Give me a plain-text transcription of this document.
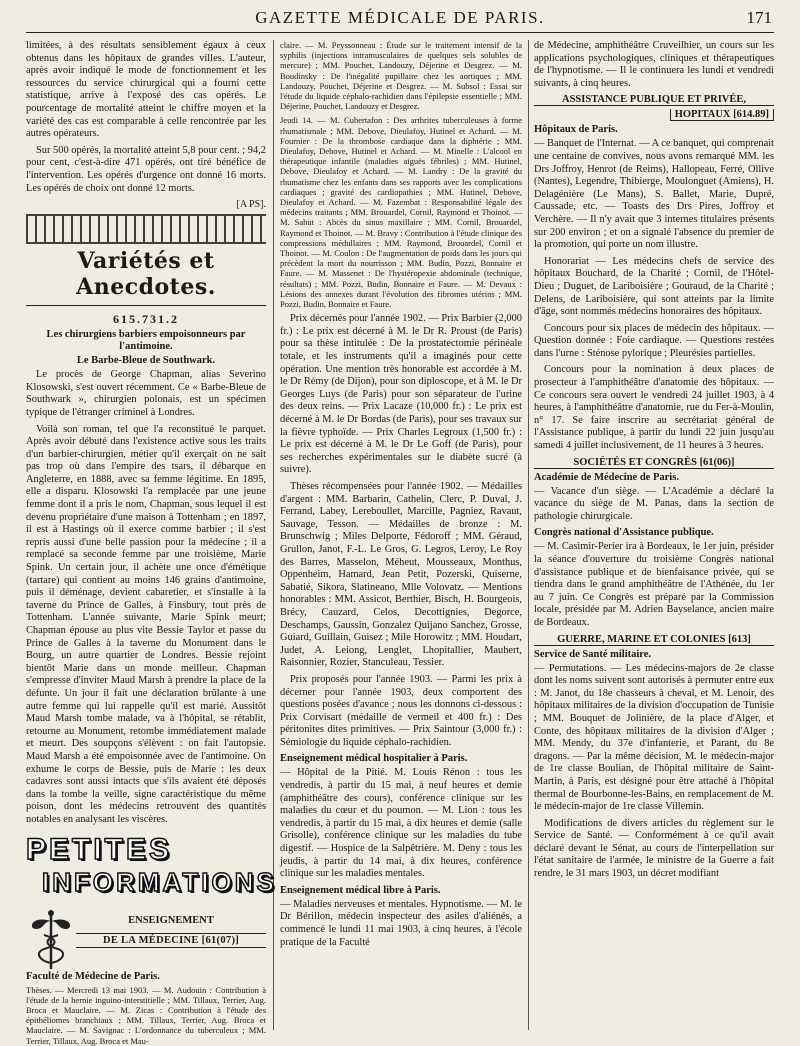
GAZETTE MÉDICALE DE PARIS.	171

limitées, à des résultats sensiblement égaux à ceux obtenus dans les hôpitaux de grandes villes. L'auteur, après avoir indiqué le mode de fonctionnement et les ressources du service chirurgical qui a fourni cette statistique, arrive à l'exposé des cas opérés. Le pourcentage de mortalité atteint le chiffre moyen et la variété des cas est comparable à celle rencontrée par les autres opérateurs.

Sur 500 opérés, la mortalité atteint 5,8 pour cent. ; 94,2 pour cent, c'est-à-dire 471 opérés, ont tiré bénéfice de l'intervention. Les opérés d'urgence ont donné 16 morts. Les opérés de choix ont donné 12 morts.

[A PS].
Variétés et Anecdotes.
615.731.2
Les chirurgiens barbiers empoisonneurs par l'antimoine.
Le Barbe-Bleue de Southwark.

Le procès de George Chapman, alias Severino Klosowski, s'est ouvert récemment. Ce « Barbe-Bleue de Southwark », chirurgien polonais, est un spécimen typique de l'étranger criminel à Londres.

Voilà son roman, tel que l'a reconstitué le parquet. Après avoir débuté dans l'existence active sous les traits d'un barbier-chirurgien, métier qu'il exerçait on ne sait pas trop où dans l'empire des tsars, il débarque en Angleterre, en 1888, avec sa femme légitime. En 1895, elle a disparu. Klosowski l'a remplacée par une jeune femme dont il a pris le nom, Chapman, sous lequel il est devenu propriétaire d'une maison à Tottenham ; en 1897, il est à Hastings où il exerce comme barbier ; il s'est repris aussi d'une belle passion pour la médecine ; il a remplacé sa seconde femme par une troisième, Marie Spink. Un certain jour, il achète une once d'émétique (tartare) qui contient au moins 146 grains d'antimoine, puis il déménage, devient cabaretier, et s'installe à la taverne du Prince de Galles, à Finsbury, tout près de Tottenham. L'année suivante, Marie Spink meurt; Chapman épouse au plus vite Bessie Taylor et passe du Prince de Galles à la taverne du Monument dans le Bourg, un autre quartier de Londres. Bessie rejoint bientôt Marie dans un monde meilleur. Chapman s'empresse d'inviter Maud Marsh à prendre la place de la défunte. Un jour il fait une déclaration brûlante à une autre femme qui lui rappelle qu'il est marié. Aussitôt Maud Marsh tombe malade, va à l'hôpital, se rétablit, retourne au Monument, retombe immédiatement malade et meurt. Des soupçons s'élèvent : on fait l'autopsie. Maud Marsh a été empoisonnée avec de l'antimoine. On exhume le corps de Bessie, puis de Marie : les deux cadavres sont aussi intacts que s'ils avaient été déposés dans la tombe la veille, signe caractéristique du même poison, dont les médecins retrouvent des quantités notables en analysant les viscères.

PETITES
INFORMATIONS
ENSEIGNEMENT
DE LA MÉDECINE [61(07)]
Faculté de Médecine de Paris.

Thèses. — Mercredi 13 mai 1903. — M. Audouin : Contribution à l'étude de la hernie inguino-interstitielle ; MM. Tillaux, Terrier, Aug. Broca et Mauclaire. — M. Zicas : Contribution à l'étude des épithéliomes branchiaux ; MM. Tillaux, Terrier, Aug. Broca et Mauclaire. — M. Savignac : L'ordonnance du tuberculeux ; MM. Terrier, Tillaux, Aug. Broca et Mau-

claire. — M. Peyssonneau : Étude sur le traitement intensif de la syphilis (injections intramusculaires de quelques sels solubles de mercure) ; MM. Pouchet, Landouzy, Déjerine et Desgrez. — M. Boudinsky : De l'inégalité pupillaire chez les aortiques ; MM. Landouzy, Pouchet, Déjerine et Desgrez. — M. Subsol : Essai sur l'étude du liquide céphalo-rachidien dans l'épilepsie essentielle ; MM. Déjerine, Pouchet, Landouzy et Desgrez.

Jeudi 14. — M. Cubertafon : Des arthrites tuberculeuses à forme rhumatismale ; MM. Debove, Dieulafoy, Hutinel et Achard. — M. Fournier : De la thrombose cardiaque dans la diphtérie ; MM. Dieulafoy, Debove, Hutinel et Achard. — M. Minelle : L'alcool en thérapeutique infantile (maladies aiguës fébriles) ; MM. Hutinel, Debove, Dieulafoy et Achard. — M. Landry : De la gravité du rhumatisme chez les enfants dans ses rapports avec les complications cardiaques ; gravité des cardiopathies ; MM. Hutinel, Debove, Dieulafoy et Achard. — M. Fazembat : Responsabilité légale des médecins traitants ; MM. Brouardel, Cornil, Raymond et Thoinot. — M. Sahut : Abcès du sinus maxillaire ; MM. Cornil, Brouardel, Raymond et Thoinot. — M. Bravy : Contribution à l'étude clinique des compressions médullaires ; MM. Raymond, Brouardel, Cornil et Thoinot. — M. Coulon : De l'augmentation de poids dans les jours qui précèdent la mort du nourrisson ; MM. Budin, Pozzi, Bonnaire et Faure. — M. Massenet : De l'hystéropexie abdominale (technique, résultats) ; MM. Pozzi, Budin, Bonnaire et Faure. — M. Devaux : Lésions des annexes durant l'évolution des fibromes utérins ; MM. Pozzi, Budin, Bonnaire et Faure.

Prix décernés pour l'année 1902. — Prix Barbier (2,000 fr.) : Le prix est décerné à M. le Dr R. Proust (de Paris) pour sa thèse intitulée : De la prostatectomie périnéale totale, et les instruments qu'il a imaginés pour cette opération. Une mention très honorable est accordée à M. le Dr Rémy (de Dijon), pour son diploscope, et à M. le Dr Georges Luys (de Paris) pour son séparateur de l'urine des deux reins. — Prix Lacaze (10,000 fr.) : Le prix est décerné à M. le Dr Bordas (de Paris), pour ses travaux sur la fièvre typhoïde. — Prix Charles Legroux (1,500 fr.) : Le prix est décerné à M. le Dr Le Goff (de Paris), pour ses recherches expérimentales sur le diabète sucré (à suivre).

Thèses récompensées pour l'année 1902. — Médailles d'argent : MM. Barbarin, Cathelin, Clerc, P. Duval, J. Ferrand, Labey, Lereboullet, Marcille, Pagniez, Ravaut, Sauvage, Tesson. — Médailles de bronze : M. Brunschwig ; Miles Delporte, Fédoroff ; MM. Géraud, Grullon, Janot, F.-L. Le Gros, G. Legros, Leroy, Le Roy des Barres, Masselon, Méheut, Mousseaux, Monthus, Oppenheim, Hamard, Jean Petit, Pozerski, Quiserne, Sabatié, Sikora, Slatineano, Mlle Volovatz. — Mentions honorables : MM. Assicot, Berthier, Bisch, H. Bourgeois, Brécy, Cauzard, Celos, Decottignies, Degorce, Deschamps, Gaussin, Gonzalez Quijano Sanchez, Grosse, Guiard, Guillain, Guisez ; Mile Horowitz ; MM. Houdart, Judet, A. Leiong, Lenglet, Lhopitallier, Mauhert, Raisonnier, Rozier, Stanculeau, Tessier.

Prix proposés pour l'année 1903. — Parmi les prix à décerner pour l'année 1903, deux comportent des questions posées d'avance ; nous les donnons ci-dessous : Prix Corvisart (médaille de vermeil et 400 fr.) : Des péritonites dites primitives. — Prix Saintour (3,000 fr.) : Sémiologie du liquide céphalo-rachidien.

Enseignement médical hospitalier à Paris.

— Hôpital de la Pitié. M. Louis Rénon : tous les vendredis, à partir du 15 mai, à neuf heures et demie (amphithéâtre des cours), conférence clinique sur les maladies du cœur et du poumon. — M. Lion : tous les vendredis, à partir du 15 mai, à dix heures et demie (salle Grisolle), conférence clinique sur les maladies du tube digestif. — Hospice de la Salpêtrière. M. Deny : tous les jeudis, à partir du 14 mai, à dix heures, conférence clinique sur les maladies mentales.

Enseignement médical libre à Paris.

— Maladies nerveuses et mentales. Hypnotisme. — M. le Dr Bérillon, médecin inspecteur des asiles d'aliénés, a commencé le lundi 11 mai 1903, à cinq heures, à l'école pratique de la Faculté

de Médecine, amphithéâtre Cruveilhier, un cours sur les applications psychologiques, cliniques et thérapeutiques de l'hypnotisme. — Il le continuera les lundi et vendredi suivants, à cinq heures.

ASSISTANCE PUBLIQUE ET PRIVÉE,
HOPITAUX [614.89]
Hôpitaux de Paris.

— Banquet de l'Internat. — A ce banquet, qui comprenait une centaine de convives, nous avons remarqué MM. les Drs Joffroy, Henrot (de Reims), Hallopeau, Ferré, Ollive (Nantes), Legendre, Thibierge, Moulonguet (Amiens), H. Delagénière (Le Mans), S. Ballet, Marie, Dupré, Caussade, etc. — Toasts des Drs Pires, Joffroy et Verchère. — Il n'y avait que 3 internes titulaires présents sur 200 environ ; et on a signalé l'absence du premier de la promotion, qui porte un nom illustre.

Honorariat — Les médecins chefs de service des hôpitaux Bouchard, de la Charité ; Cornil, de l'Hôtel-Dieu ; Duguet, de Lariboisière ; Gouraud, de la Charité ; Delens, de Lariboisière, qui sont atteints par la limite d'âge, sont nommés médecins honoraires des hôpitaux.

Concours pour six places de médecin des hôpitaux. — Question donnée : Foie cardiaque. — Questions restées dans l'urne : Sténose pylorique ; Pleurésies partielles.

Concours pour la nomination à deux places de prosecteur à l'amphithéâtre d'anatomie des hôpitaux. — Ce concours sera ouvert le vendredi 24 juillet 1903, à 4 heures, à l'amphithéâtre d'anatomie, rue du Fer-à-Moulin, n° 17. Se faire inscrire au secrétariat général de l'Assistance publique, à partir du lundi 22 juin jusqu'au samedi 4 juillet inclusivement, de 11 heures à 3 heures.

SOCIÉTÉS ET CONGRÈS [61(06)]
Académie de Médecine de Paris.

— Vacance d'un siège. — L'Académie a déclaré la vacance du siège de M. Panas, dans la section de pathologie chirurgicale.

Congrès national d'Assistance publique.

— M. Casimir-Perier ira à Bordeaux, le 1er juin, présider la séance d'ouverture du troisième Congrès national d'assistance publique et de bienfaisance privée, qui se tiendra dans le grand amphithéâtre de l'Athénée, du 1er au 7 juin. Ce Congrès est préparé par la Commission locale, présidée par M. Adrien Bayselance, ancien maire de Bordeaux.

GUERRE, MARINE ET COLONIES [613]
Service de Santé militaire.

— Permutations. — Les médecins-majors de 2e classe dont les noms suivent sont autorisés à permuter entre eux : M. Janot, du 18e chasseurs à cheval, et M. Lenoir, des hôpitaux militaires de la division d'occupation de Tunisie ; MM. Bouquet de Jolinière, de la place d'Alger, et Conte, des hôpitaux militaires de la division d'Alger ; MM. Mendy, du 37e d'infanterie, et Parant, du 8e dragons. — Par la même décision, M. le médecin-major de 1re classe Boulian, de l'hôpital militaire de Saint-Martin, à Paris, est désigné pour être attaché à l'hôpital thermal de Bourbonne-les-Bains, en remplacement de M. le médecin-major de 1re classe Villemin.

Modifications de divers articles du règlement sur le Service de Santé. — Conformément à ce qu'il avait déclaré devant le Sénat, au cours de l'interpellation sur l'état sanitaire de l'armée, le ministre de la Guerre a fait rendre, le 31 mars 1903, un décret modifiant
